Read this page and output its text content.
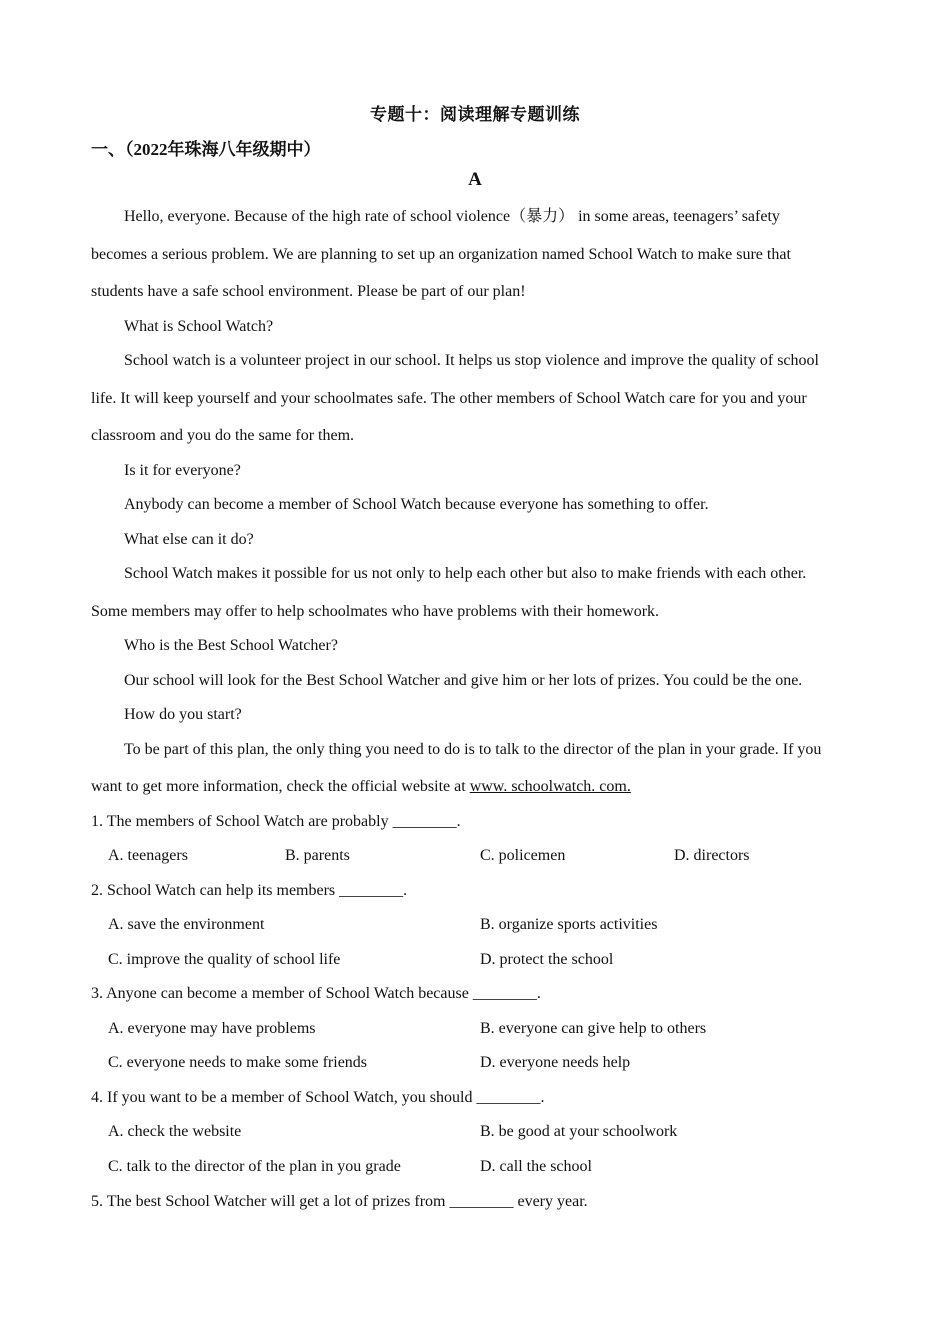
专题十：阅读理解专题训练
一、（2022年珠海八年级期中）
A
Hello, everyone. Because of the high rate of school violence（暴力） in some areas, teenagers’ safety
becomes a serious problem. We are planning to set up an organization named School Watch to make sure that
students have a safe school environment. Please be part of our plan!
What is School Watch?
School watch is a volunteer project in our school. It helps us stop violence and improve the quality of school
life. It will keep yourself and your schoolmates safe. The other members of School Watch care for you and your
classroom and you do the same for them.
Is it for everyone?
Anybody can become a member of School Watch because everyone has something to offer.
What else can it do?
School Watch makes it possible for us not only to help each other but also to make friends with each other.
Some members may offer to help schoolmates who have problems with their homework.
Who is the Best School Watcher?
Our school will look for the Best School Watcher and give him or her lots of prizes. You could be the one.
How do you start?
To be part of this plan, the only thing you need to do is to talk to the director of the plan in your grade. If you
want to get more information, check the official website at www. schoolwatch. com.
1. The members of School Watch are probably ________.
A. teenagers	B. parents	C. policemen	D. directors
2. School Watch can help its members ________.
A. save the environment	B. organize sports activities
C. improve the quality of school life	D. protect the school
3. Anyone can become a member of School Watch because ________.
A. everyone may have problems	B. everyone can give help to others
C. everyone needs to make some friends	D. everyone needs help
4. If you want to be a member of School Watch, you should ________.
A. check the website	B. be good at your schoolwork
C. talk to the director of the plan in you grade	D. call the school
5. The best School Watcher will get a lot of prizes from ________ every year.
